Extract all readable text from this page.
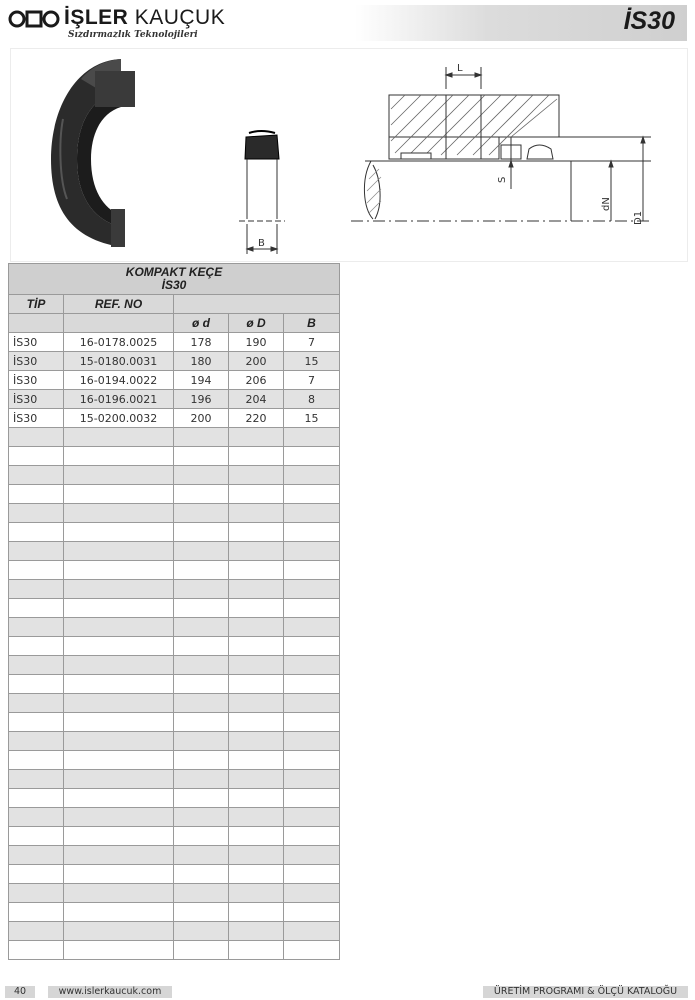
İŞLER KAUÇUK
Sızdırmazlık Teknolojileri	İS30
B
L
S
dN
D1
KOMPAKT KEÇE
İS30				

TİP	REF. NO			
		ø d	ø D	B
İS30	16-0178.0025	178	190	7
İS30	15-0180.0031	180	200	15
İS30	16-0194.0022	194	206	7
İS30	16-0196.0021	196	204	8
İS30	15-0200.0032	200	220	15

40	www.islerkaucuk.com	ÜRETİM PROGRAMI & ÖLÇÜ KATALOĞU
